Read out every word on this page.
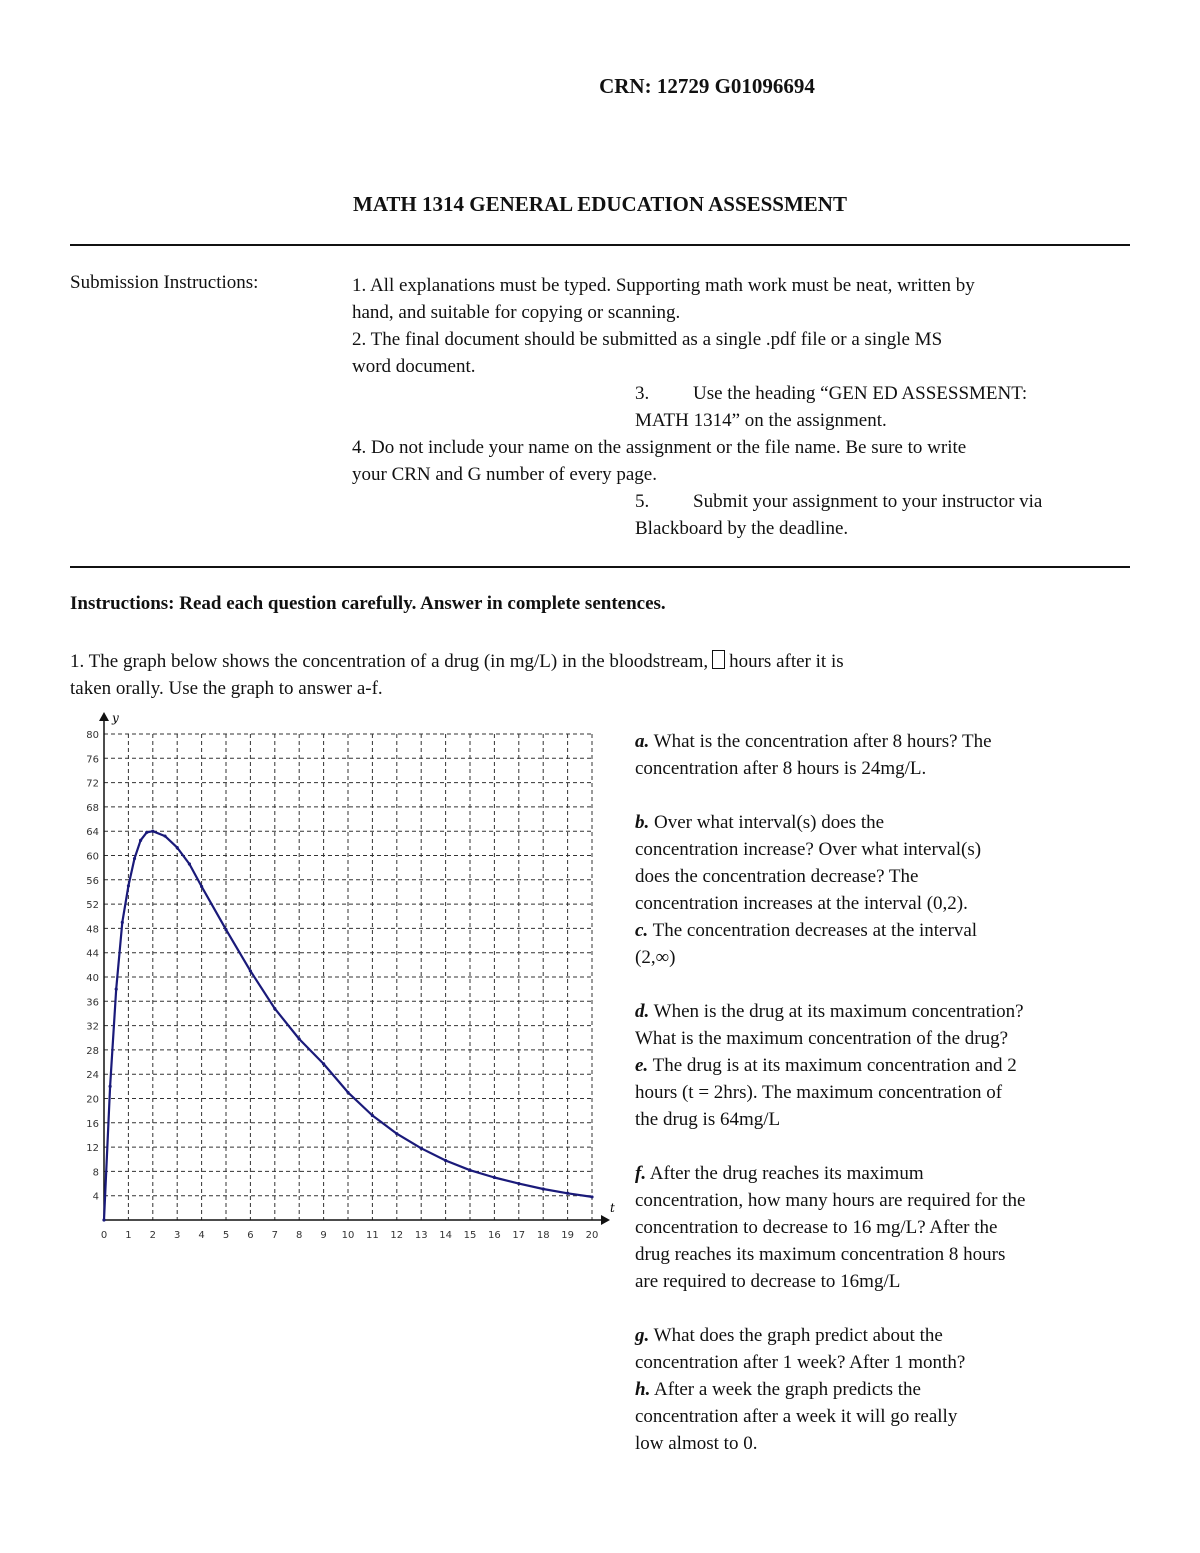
CRN: 12729 G01096694
MATH 1314 GENERAL EDUCATION ASSESSMENT
Submission Instructions:	1. All explanations must be typed. Supporting math work must be neat, written by
hand, and suitable for copying or scanning.
2. The final document should be submitted as a single .pdf file or a single MS
word document.
3. Use the heading “GEN ED ASSESSMENT:
MATH 1314” on the assignment.
4. Do not include your name on the assignment or the file name. Be sure to write
your CRN and G number of every page.
5. Submit your assignment to your instructor via
Blackboard by the deadline.
Instructions: Read each question carefully. Answer in complete sentences.
1. The graph below shows the concentration of a drug (in mg/L) in the bloodstream, hours after it is
taken orally. Use the graph to answer a-f.
t
y
0 1 2 3 4 5 6 7 8 9 10 11 12 13 14 15 16 17 18 19 20
4
8
12
16
20
24
28
32
36
40
44
48
52
56
60
64
68
72
76
80	a. What is the concentration after 8 hours? The
concentration after 8 hours is 24mg/L.
b. Over what interval(s) does the
concentration increase? Over what interval(s)
does the concentration decrease? The
concentration increases at the interval (0,2).
c. The concentration decreases at the interval
(2,∞)
d. When is the drug at its maximum concentration?
What is the maximum concentration of the drug?
e. The drug is at its maximum concentration and 2
hours (t = 2hrs). The maximum concentration of
the drug is 64mg/L
f. After the drug reaches its maximum
concentration, how many hours are required for the
concentration to decrease to 16 mg/L? After the
drug reaches its maximum concentration 8 hours
are required to decrease to 16mg/L
g. What does the graph predict about the
concentration after 1 week? After 1 month?
h. After a week the graph predicts the
concentration after a week it will go really
low almost to 0.
